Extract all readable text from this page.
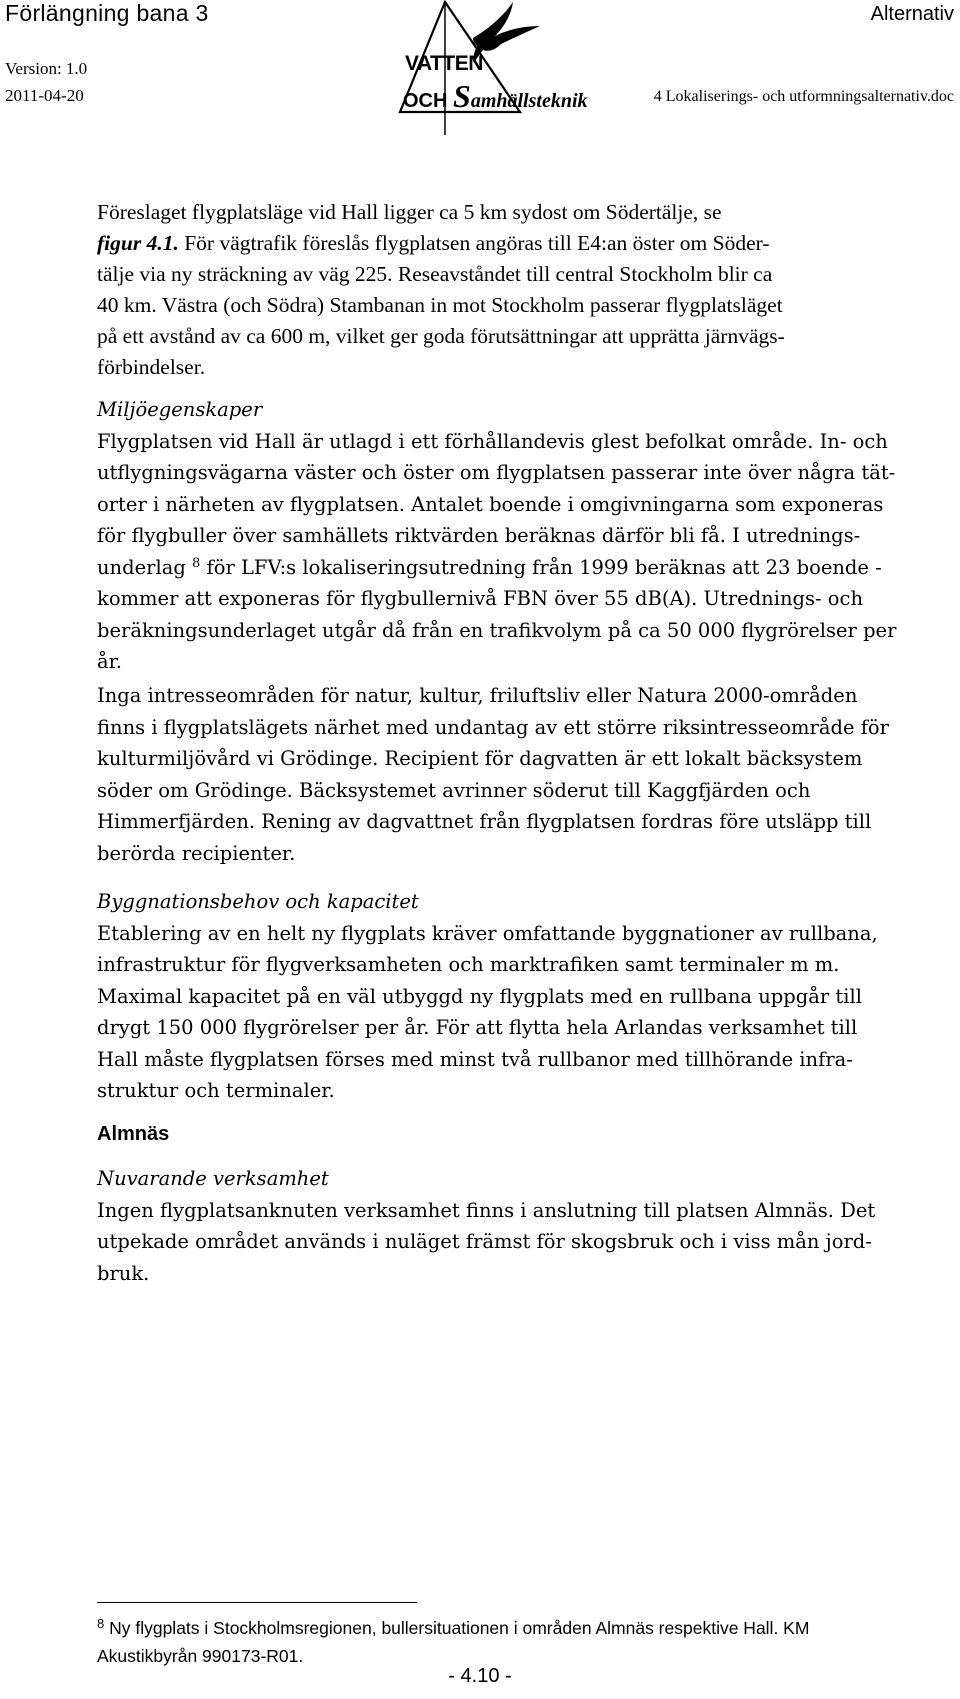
Förlängning bana 3	Alternativ
Version: 1.0
2011-04-20	4 Lokaliserings- och utformningsalternativ.doc
VATTEN
OCH Samhällsteknik

Föreslaget flygplatsläge vid Hall ligger ca 5 km sydost om Södertälje, se

figur 4.1. För vägtrafik föreslås flygplatsen angöras till E4:an öster om Söder-

tälje via ny sträckning av väg 225. Reseavståndet till central Stockholm blir ca

40 km. Västra (och Södra) Stambanan in mot Stockholm passerar flygplatsläget

på ett avstånd av ca 600 m, vilket ger goda förutsättningar att upprätta järnvägs-

förbindelser.

Miljöegenskaper

Flygplatsen vid Hall är utlagd i ett förhållandevis glest befolkat område. In- och

utflygningsvägarna väster och öster om flygplatsen passerar inte över några tät-

orter i närheten av flygplatsen. Antalet boende i omgivningarna som exponeras

för flygbuller över samhällets riktvärden beräknas därför bli få. I utrednings-

underlag $^8$ för LFV:s lokaliseringsutredning från 1999 beräknas att 23 boende -

kommer att exponeras för flygbullernivå FBN över 55 dB(A). Utrednings- och

beräkningsunderlaget utgår då från en trafikvolym på ca 50 000 flygrörelser per

år.

Inga intresseområden för natur, kultur, friluftsliv eller Natura 2000-områden

finns i flygplatslägets närhet med undantag av ett större riksintresseområde för

kulturmiljövård vi Grödinge. Recipient för dagvatten är ett lokalt bäcksystem

söder om Grödinge. Bäcksystemet avrinner söderut till Kaggfjärden och

Himmerfjärden. Rening av dagvattnet från flygplatsen fordras före utsläpp till

berörda recipienter.

Byggnationsbehov och kapacitet

Etablering av en helt ny flygplats kräver omfattande byggnationer av rullbana,

infrastruktur för flygverksamheten och marktrafiken samt terminaler m m.

Maximal kapacitet på en väl utbyggd ny flygplats med en rullbana uppgår till

drygt 150 000 flygrörelser per år. För att flytta hela Arlandas verksamhet till

Hall måste flygplatsen förses med minst två rullbanor med tillhörande infra-

struktur och terminaler.

Almnäs

Nuvarande verksamhet

Ingen flygplatsanknuten verksamhet finns i anslutning till platsen Almnäs. Det

utpekade området används i nuläget främst för skogsbruk och i viss mån jord-

bruk.

$^8$ Ny flygplats i Stockholmsregionen, bullersituationen i områden Almnäs respektive Hall. KM
Akustikbyrån 990173-R01.
- 4.10 -
